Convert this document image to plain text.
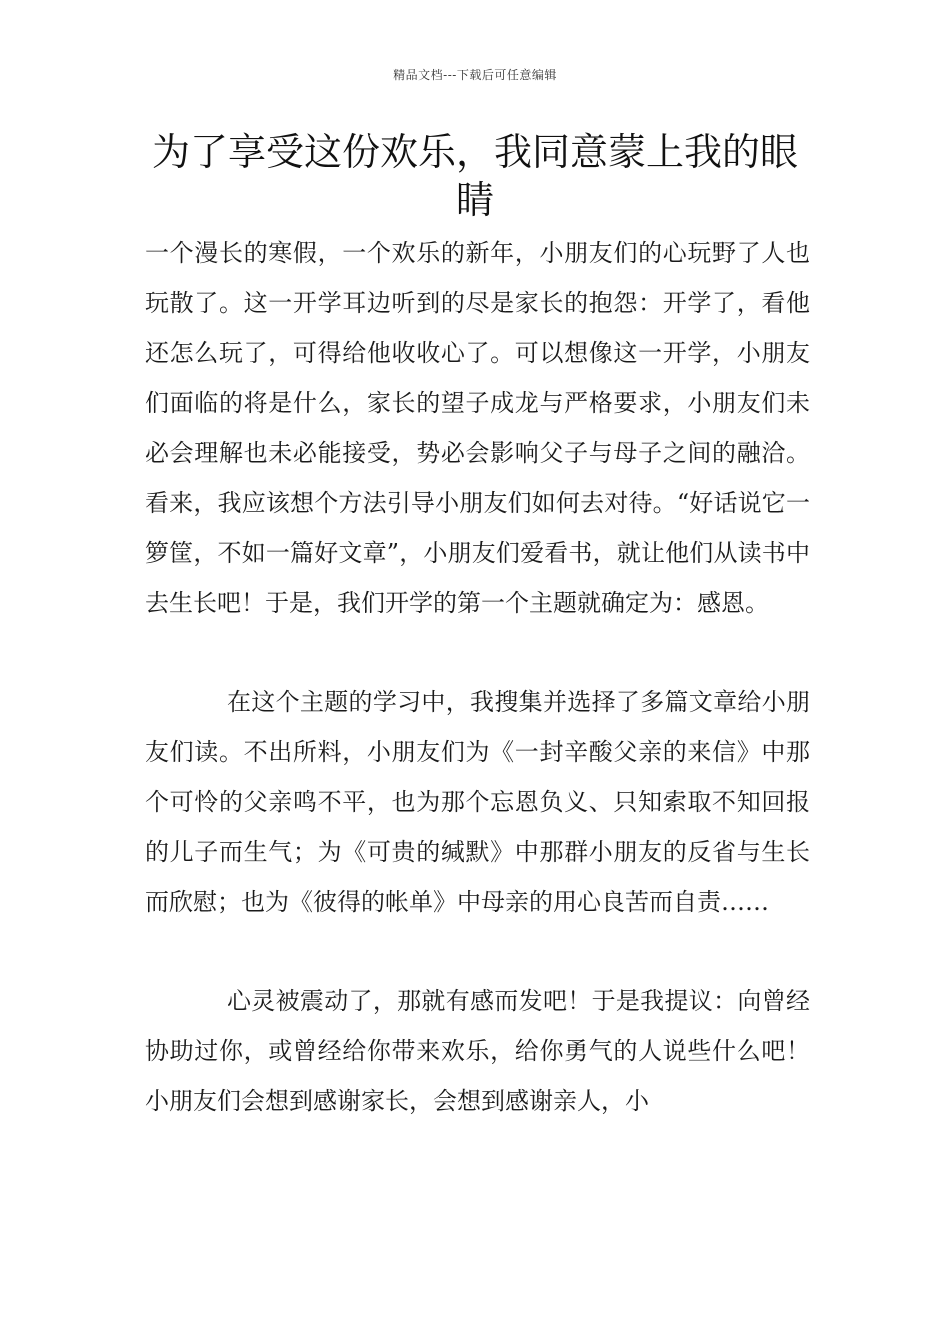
精品文档---下载后可任意编辑
为了享受这份欢乐，我同意蒙上我的眼睛

一个漫长的寒假，一个欢乐的新年，小朋友们的心玩野了人也玩散了。这一开学耳边听到的尽是家长的抱怨：开学了，看他还怎么玩了，可得给他收收心了。可以想像这一开学，小朋友们面临的将是什么，家长的望子成龙与严格要求，小朋友们未必会理解也未必能接受，势必会影响父子与母子之间的融洽。看来，我应该想个方法引导小朋友们如何去对待。“好话说它一箩筐，不如一篇好文章”，小朋友们爱看书，就让他们从读书中去生长吧！于是，我们开学的第一个主题就确定为：感恩。

在这个主题的学习中，我搜集并选择了多篇文章给小朋友们读。不出所料，小朋友们为《一封辛酸父亲的来信》中那个可怜的父亲鸣不平，也为那个忘恩负义、只知索取不知回报的儿子而生气；为《可贵的缄默》中那群小朋友的反省与生长而欣慰；也为《彼得的帐单》中母亲的用心良苦而自责……

心灵被震动了，那就有感而发吧！于是我提议：向曾经协助过你，或曾经给你带来欢乐，给你勇气的人说些什么吧！小朋友们会想到感谢家长，会想到感谢亲人，小
